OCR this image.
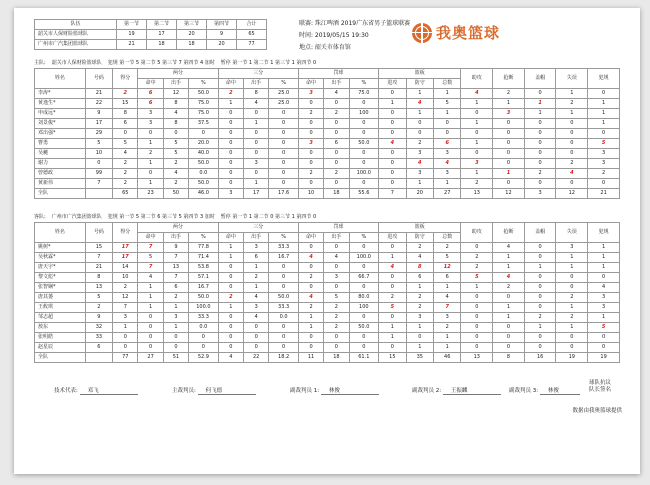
队伍	第一节	第二节	第三节	第四节	合计
韶关市人保财险篮球队	19	17	20	9	65
广州市广汽集团篮球队	21	18	18	20	77
联赛: 珠江啤酒 2019广东省男子篮球联赛
时间: 2019/05/15 19:30
地点: 韶关市体育馆
我奥篮球
主队: 韶关市人保财险篮球队 犯规 第一节 5 第二节 5 第三节 7 第四节 4 加时 暂停 第一节 1 第二节 1 第三节 1 第四节 0
姓名	号码	得分	两分			三分			罚球			篮板			助攻	抢断	盖帽	失误	犯规
			命中	出手	%	命中	出手	%	命中	出手	%	进攻	防守	总数					
李涛*	21	2	6	12	50.0	2	8	25.0	3	4	75.0	0	1	1	4	2	0	1	0
黄逸生*	22	15	6	8	75.0	1	4	25.0	0	0	0	1	4	5	1	1	1	2	1
申成远*	9	8	3	4	75.0	0	0	0	2	2	100	0	1	1	0	3	1	1	1
刘景俊*	17	6	3	8	37.5	0	1	0	0	0	0	0	0	0	1	0	0	0	1
邓出强*	29	0	0	0	0	0	0	0	0	0	0	0	0	0	0	0	0	0	0
曹勇	5	5	1	5	20.0	0	0	0	3	6	50.0	4	2	6	1	0	0	0	5
吴夔	10	4	2	5	40.0	0	0	0	0	0	0	0	3	3	0	0	0	0	3
谢力	0	2	1	2	50.0	0	3	0	0	0	0	0	4	4	3	0	0	2	3
曾德政	99	2	0	4	0.0	0	0	0	2	2	100.0	0	3	3	1	1	2	4	2
黄新伟	7	2	1	2	50.0	0	1	0	0	0	0	0	1	1	2	0	0	0	0
全队		65	23	50	46.0	3	17	17.6	10	18	55.6	7	20	27	13	12	3	12	21
客队: 广州市广汽集团篮球队 犯规 第一节 5 第二节 6 第三节 5 第四节 3 加时 暂停 第一节 1 第二节 0 第三节 1 第四节 0
姓名	号码	得分	两分			三分			罚球			篮板			助攻	抢断	盖帽	失误	犯规
			命中	出手	%	命中	出手	%	命中	出手	%	进攻	防守	总数					
姚树*	15	17	7	9	77.8	1	3	33.3	0	0	0	0	2	2	0	4	0	3	1
吴秋霖*	7	17	5	7	71.4	1	6	16.7	4	4	100.0	1	4	5	2	1	0	1	1
唐天宇*	21	14	7	13	53.8	0	1	0	0	0	0	4	8	12	2	1	1	1	1
黎文彪*	8	10	4	7	57.1	0	2	0	2	3	66.7	0	6	6	5	4	0	0	0
张智娴*	13	2	1	6	16.7	0	1	0	0	0	0	0	1	1	1	2	0	0	4
唐其萎	5	12	1	2	50.0	2	4	50.0	4	5	80.0	2	2	4	0	0	0	2	3
王攸琪	2	7	1	1	100.0	1	3	33.3	2	2	100	5	2	7	0	1	0	1	3
邹志超	9	3	0	3	33.3	0	4	0.0	1	2	0	0	3	3	0	1	2	2	1
敖东	32	1	0	1	0.0	0	0	0	1	2	50.0	1	1	2	0	0	1	1	5
张明皓	33	0	0	0	0	0	0	0	0	0	0	1	0	1	0	0	0	0	0
赵星辰	6	0	0	0	0	0	0	0	0	0	0	0	1	1	0	0	0	0	0
全队		77	27	51	52.9	4	22	18.2	11	18	61.1	15	35	46	13	8	16	19	19
技术代表: 邓飞	主裁判员: 何飞德	副裁判员 1: 林俊	副裁判员 2: 王振麟	副裁判员 3: 林俊
球队抗议
队长签名
数据由我奥篮球提供
